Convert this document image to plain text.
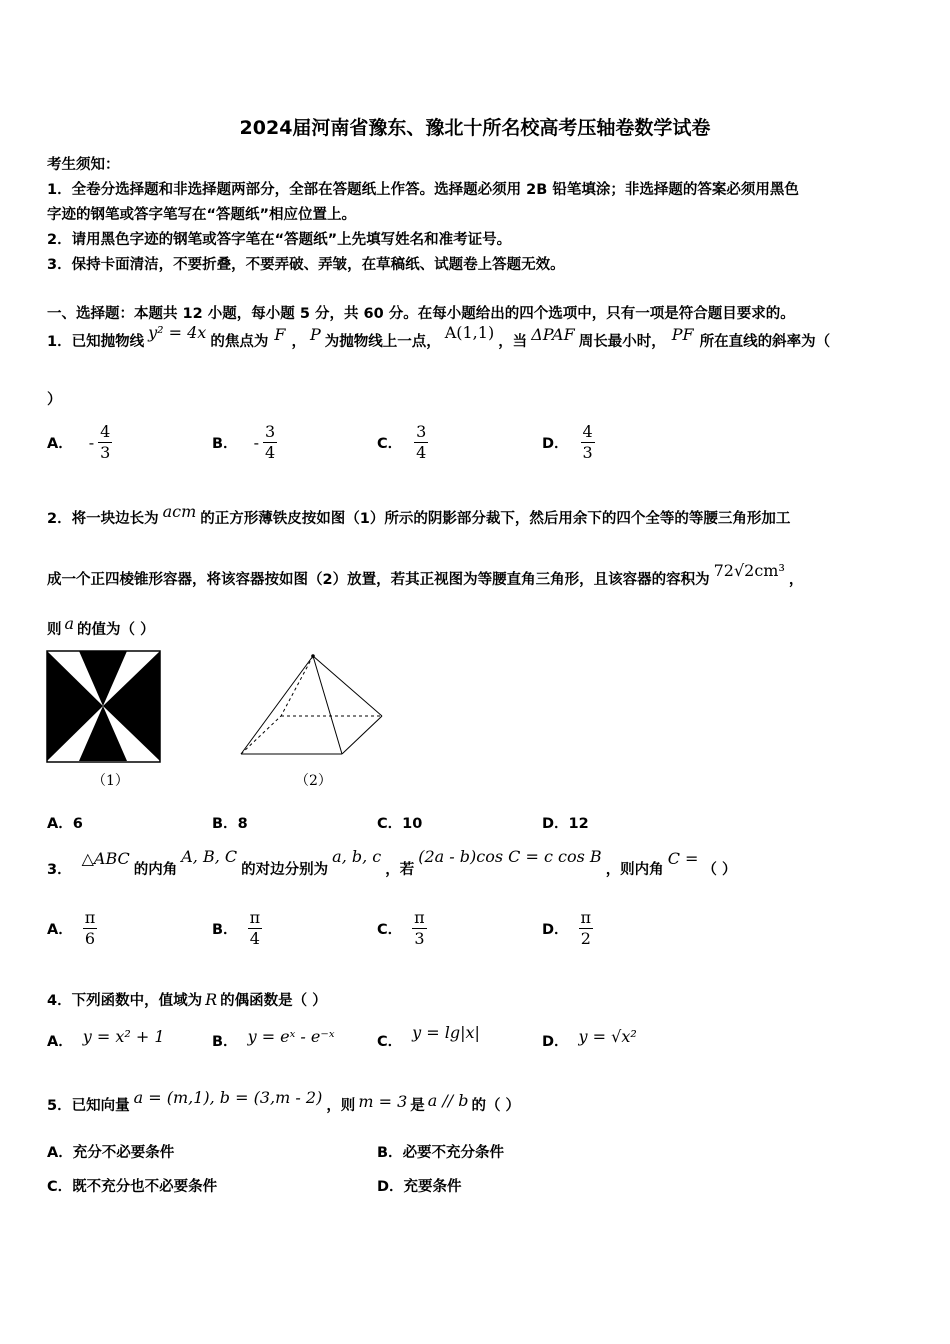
2024届河南省豫东、豫北十所名校高考压轴卷数学试卷
考生须知：
1．全卷分选择题和非选择题两部分，全部在答题纸上作答。选择题必须用 2B 铅笔填涂；非选择题的答案必须用黑色
字迹的钢笔或答字笔写在“答题纸”相应位置上。
2．请用黑色字迹的钢笔或答字笔在“答题纸”上先填写姓名和准考证号。
3．保持卡面清洁，不要折叠，不要弄破、弄皱，在草稿纸、试题卷上答题无效。
一、选择题：本题共 12 小题，每小题 5 分，共 60 分。在每小题给出的四个选项中，只有一项是符合题目要求的。
1．已知抛物线 y² = 4x 的焦点为 F ， P 为抛物线上一点， A(1,1) ，当 ΔPAF 周长最小时， PF 所在直线的斜率为（
）
A． - $\frac{4}{3}$	B． - $\frac{3}{4}$	C． $\frac{3}{4}$	D． $\frac{4}{3}$
2．将一块边长为 acm 的正方形薄铁皮按如图（1）所示的阴影部分裁下，然后用余下的四个全等的等腰三角形加工
成一个正四棱锥形容器，将该容器按如图（2）放置，若其正视图为等腰直角三角形，且该容器的容积为 72√2cm³ ，
则 a 的值为（ ）
（1）	（2）
A．6	B．8	C．10	D．12
3．△ABC的内角A, B, C的对边分别为a, b, c，若(2a - b)cos C = c cos B，则内角C =（ ）
A． $\frac{\pi}{6}$	B． $\frac{\pi}{4}$	C． $\frac{\pi}{3}$	D． $\frac{\pi}{2}$
4．下列函数中，值域为 R 的偶函数是（ ）
A． y = x² + 1	B． y = eˣ - e⁻ˣ	C． y = lg|x|	D． y = √x²
5．已知向量 a = (m,1), b = (3,m - 2) ，则 m = 3 是 a // b 的（ ）
A．充分不必要条件	B．必要不充分条件
C．既不充分也不必要条件	D．充要条件
